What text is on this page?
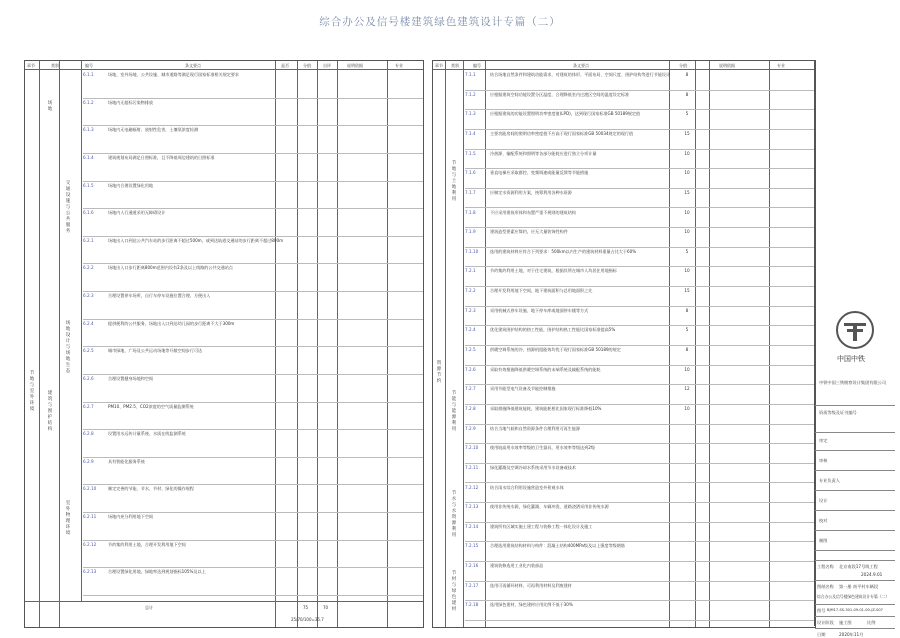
综合办公及信号楼建筑绿色建筑设计专篇（二）
章节	类别	编号	条文要点	是否	分值	自评	说明依据	专业
节地与室外环境
场地
交通设施与公共服务
场地设计与场地生态
建筑与围护结构
室外物理环境
6.1.1	场地、室外场地、公共设施、城市道路等满足现行国家标准相关规定要求
6.1.2	场地内无超标污染物排放
6.1.3	场地内无电磁辐射、放射性危害，土壤氡浓度检测
6.1.4	建筑规划布局满足日照标准，且不降低周边建筑的日照标准
6.1.5	场地内合理设置绿化用地
6.1.6	场地内人行通道采用无障碍设计
6.2.1	场地出入口到达公共汽车站的步行距离不超过500m，或到达轨道交通站的步行距离不超过800m
6.2.2	场地出入口步行距离800m范围内设有2条及以上线路的公共交通站点
6.2.3	合理设置停车场所，自行车停车设施位置合理、方便出入
6.2.4	提供便利的公共服务，场地出入口到达幼儿园的步行距离不大于300m
6.2.5	城市绿地、广场及公共运动场地等开敞空间步行可达
6.2.6	合理设置健身场地和空间
6.2.7	PM10、PM2.5、CO2浓度的空气质量监测系统
6.2.8	设置用水远传计量系统、水质在线监测系统
6.2.9	具有智能化服务系统
6.2.10	制定完善的节能、节水、节材、绿化的操作规程
6.2.11	场地内充分利用地下空间
6.2.12	节约集约利用土地，合理开发利用地下空间
6.2.13	合理设置绿化用地，绿地率达到规划指标105%及以上
总计	75	70
25/70/100=35.7
章节 类别	编号	条文要点	分值	说明依据	专业
资源节约
节地与土地利用
节能与能源利用
节水与水资源利用
节材与绿色建材
7.1.1	结合场地自然条件和建筑功能需求，对建筑的体形、平面布局、空间尺度、围护结构等进行节能设计	8
7.1.2	应根据建筑空间功能设置分区温度，合理降低室内过渡区空间的温度设定标准	8
7.1.3	应根据建筑的功能设置照明功率密度值(LPD)，达到现行国家标准GB 50189规定值	5
7.1.4	主要功能房间的照明功率密度值不应高于现行国家标准GB 50034规定的现行值	15
7.1.5	冷热源、输配系统和照明等各部分能耗应进行独立分项计量	10
7.1.6	垂直电梯应采取群控、变频调速或能量反馈等节能措施	10
7.1.7	应制定水资源利用方案，统筹利用各种水资源	15
7.1.8	不应采用建筑形体和布置严重不规则的建筑结构	10
7.1.9	建筑造型要素应简约，应无大量装饰性构件	10
7.1.10	选用的建筑材料应符合下列要求：500km以内生产的建筑材料重量占比大于60%	5
7.2.1	节约集约利用土地，对于住宅建筑，根据其所在城市人均居住用地指标	10
7.2.2	合理开发利用地下空间，地下建筑面积与总用地面积之比	15
7.2.3	采用机械式停车设施、地下停车库或地面停车楼等方式	8
7.2.4	优化建筑围护结构的热工性能，围护结构热工性能比国家标准提高5%	5
7.2.5	供暖空调系统的冷、热源机组能效均优于现行国家标准GB 50189的规定	8
7.2.6	采取有效措施降低供暖空调系统的末端系统及输配系统的能耗	10
7.2.7	采用节能型电气设备及节能控制措施	12
7.2.8	采取措施降低建筑能耗，建筑能耗相比国家现行标准降低10%	10
7.2.9	结合当地气候和自然资源条件合理利用可再生能源
7.2.10	使用较高用水效率等级的卫生器具，用水效率等级达到2级
7.2.11	绿化灌溉及空调冷却水系统采用节水设备或技术
7.2.12	结合雨水综合利用设施营造室外景观水体
7.2.13	使用非传统水源，绿化灌溉、车辆冲洗、道路浇洒采用非传统水源
7.2.14	建筑所有区域实施土建工程与装修工程一体化设计及施工
7.2.15	合理选用建筑结构材料与构件：混凝土结构400MPa级及以上强度等级钢筋
7.2.16	建筑装修选用工业化内装部品
7.2.17	选用可再循环材料、可再利用材料及利废建材
7.2.18	选用绿色建材，绿色建材应用比例不低于30%
中国中铁
中铁中国三铁勘察设计集团有限公司
资质等级及证书编号
审定
审核
专业负责人
设计
校对
制图
工程名称 北京南段17号线工程
2024.9.01
图纸名称 第一册 南平村车辆段
综合办公及信号楼绿色建筑设计专篇（二）
图号 BJM17-SS-301-09-01-00-JZ-007
设计阶段 施工图	比例
日期	2020年11月
